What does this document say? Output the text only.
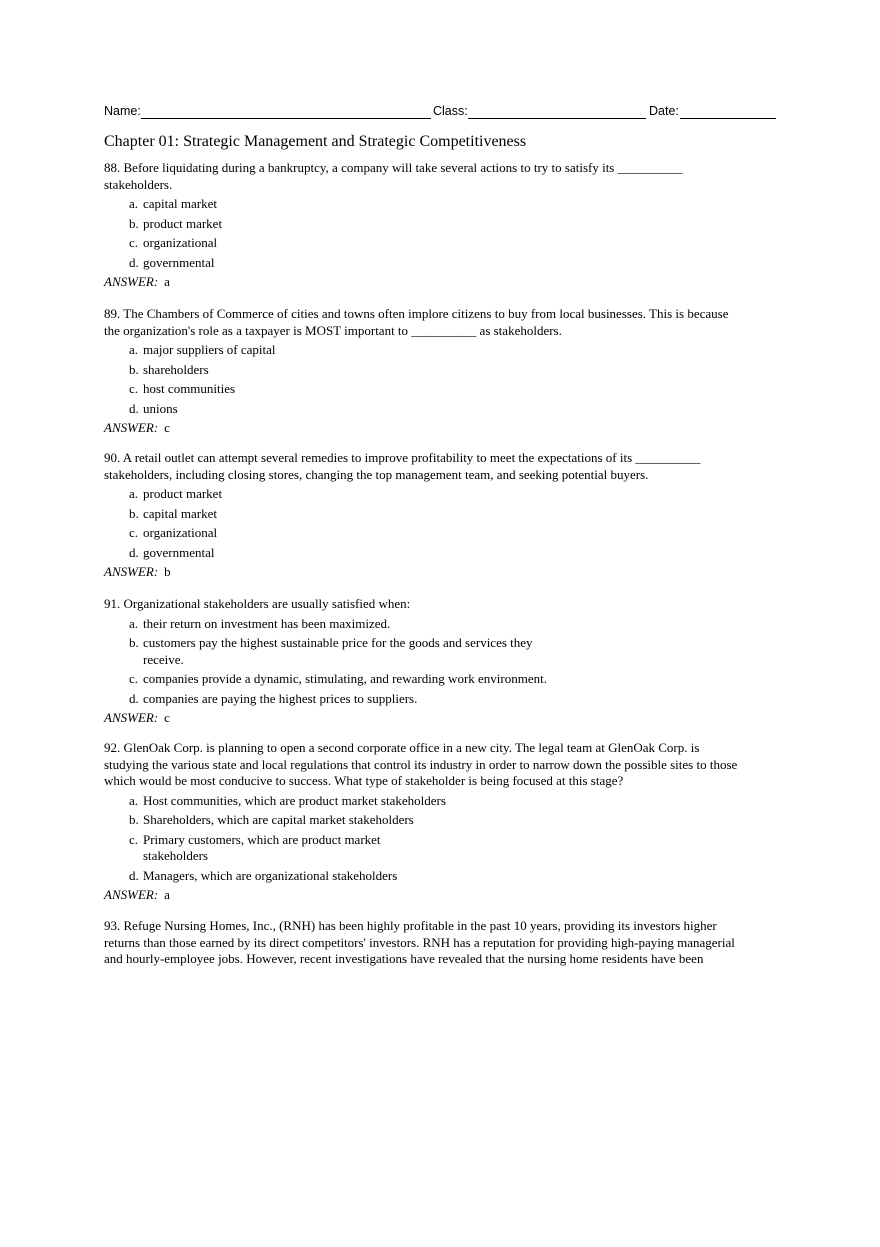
Name:	Class:	Date:
Chapter 01: Strategic Management and Strategic Competitiveness
88. Before liquidating during a bankruptcy, a company will take several actions to try to satisfy its __________
stakeholders.
a. capital market
b. product market
c. organizational
d. governmental
ANSWER: a
89. The Chambers of Commerce of cities and towns often implore citizens to buy from local businesses. This is because
the organization's role as a taxpayer is MOST important to __________ as stakeholders.
a. major suppliers of capital
b. shareholders
c. host communities
d. unions
ANSWER: c
90. A retail outlet can attempt several remedies to improve profitability to meet the expectations of its __________
stakeholders, including closing stores, changing the top management team, and seeking potential buyers.
a. product market
b. capital market
c. organizational
d. governmental
ANSWER: b
91. Organizational stakeholders are usually satisfied when:
a. their return on investment has been maximized.
b. customers pay the highest sustainable price for the goods and services they
receive.
c. companies provide a dynamic, stimulating, and rewarding work environment.
d. companies are paying the highest prices to suppliers.
ANSWER: c
92. GlenOak Corp. is planning to open a second corporate office in a new city. The legal team at GlenOak Corp. is
studying the various state and local regulations that control its industry in order to narrow down the possible sites to those
which would be most conducive to success. What type of stakeholder is being focused at this stage?
a. Host communities, which are product market stakeholders
b. Shareholders, which are capital market stakeholders
c. Primary customers, which are product market
stakeholders
d. Managers, which are organizational stakeholders
ANSWER: a
93. Refuge Nursing Homes, Inc., (RNH) has been highly profitable in the past 10 years, providing its investors higher
returns than those earned by its direct competitors' investors. RNH has a reputation for providing high-paying managerial
and hourly-employee jobs. However, recent investigations have revealed that the nursing home residents have been
